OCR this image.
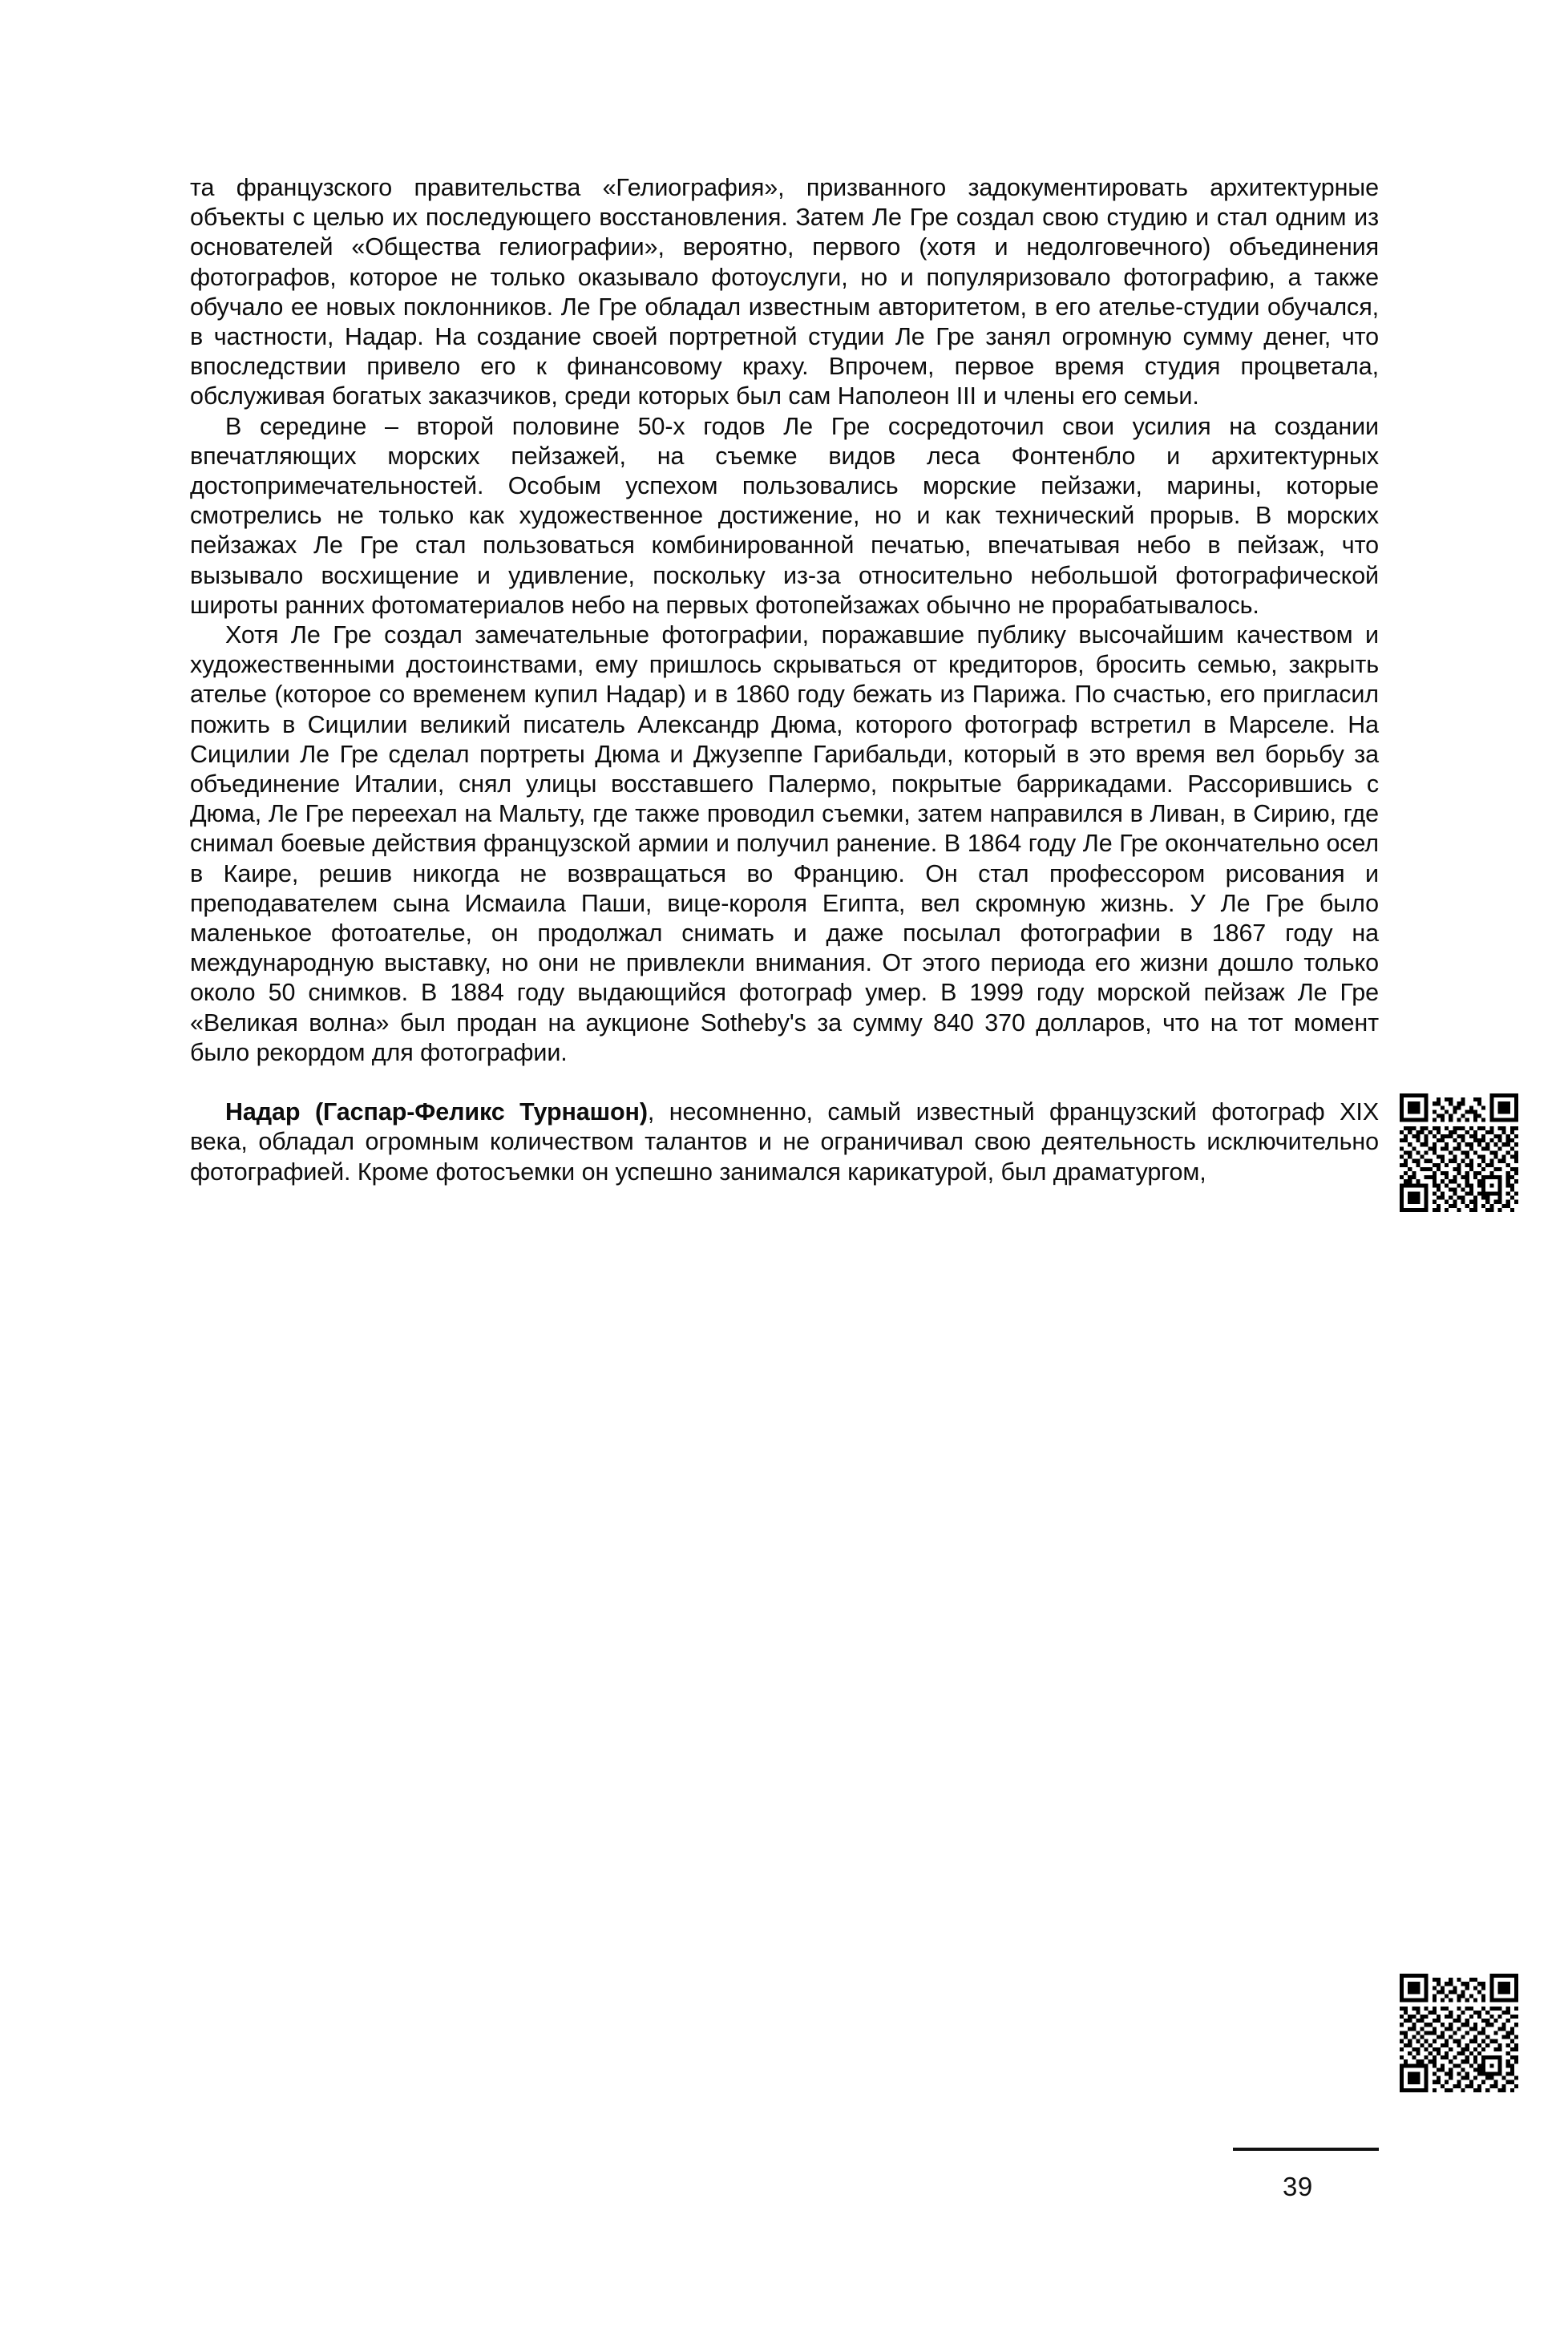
та французского правительства «Гелиография», призванного задокументировать архитектурные объекты с целью их последующего восстановления. Затем Ле Гре создал свою студию и стал одним из основателей «Общества гелиографии», вероятно, первого (хотя и недолговечного) объединения фотографов, которое не только оказывало фотоуслуги, но и популяризовало фотографию, а также обучало ее новых поклонников. Ле Гре обладал известным авторитетом, в его ателье-студии обучался, в частности, Надар. На создание своей портретной студии Ле Гре занял огромную сумму денег, что впоследствии привело его к финансовому краху. Впрочем, первое время студия процветала, обслуживая богатых заказчиков, среди которых был сам Наполеон III и члены его семьи.

В середине – второй половине 50-х годов Ле Гре сосредоточил свои усилия на создании впечатляющих морских пейзажей, на съемке видов леса Фонтенбло и архитектурных достопримечательностей. Особым успехом пользовались морские пейзажи, марины, которые смотрелись не только как художественное достижение, но и как технический прорыв. В морских пейзажах Ле Гре стал пользоваться комбинированной печатью, впечатывая небо в пейзаж, что вызывало восхищение и удивление, поскольку из-за относительно небольшой фотографической широты ранних фотоматериалов небо на первых фотопейзажах обычно не прорабатывалось.

Хотя Ле Гре создал замечательные фотографии, поражавшие публику высочайшим качеством и художественными достоинствами, ему пришлось скрываться от кредиторов, бросить семью, закрыть ателье (которое со временем купил Надар) и в 1860 году бежать из Парижа. По счастью, его пригласил пожить в Сицилии великий писатель Александр Дюма, которого фотограф встретил в Марселе. На Сицилии Ле Гре сделал портреты Дюма и Джузеппе Гарибальди, который в это время вел борьбу за объединение Италии, снял улицы восставшего Палермо, покрытые баррикадами. Рассорившись с Дюма, Ле Гре переехал на Мальту, где также проводил съемки, затем направился в Ливан, в Сирию, где снимал боевые действия французской армии и получил ранение. В 1864 году Ле Гре окончательно осел в Каире, решив никогда не возвращаться во Францию. Он стал профессором рисования и преподавателем сына Исмаила Паши, вице-короля Египта, вел скромную жизнь. У Ле Гре было маленькое фотоателье, он продолжал снимать и даже посылал фотографии в 1867 году на международную выставку, но они не привлекли внимания. От этого периода его жизни дошло только около 50 снимков. В 1884 году выдающийся фотограф умер. В 1999 году морской пейзаж Ле Гре «Великая волна» был продан на аукционе Sotheby's за сумму 840 370 долларов, что на тот момент было рекордом для фотографии.

Надар (Гаспар-Феликс Турнашон), несомненно, самый известный французский фотограф XIX века, обладал огромным количеством талантов и не ограничивал свою деятельность исключительно фотографией. Кроме фотосъемки он успешно занимался карикатурой, был драматургом,

39
